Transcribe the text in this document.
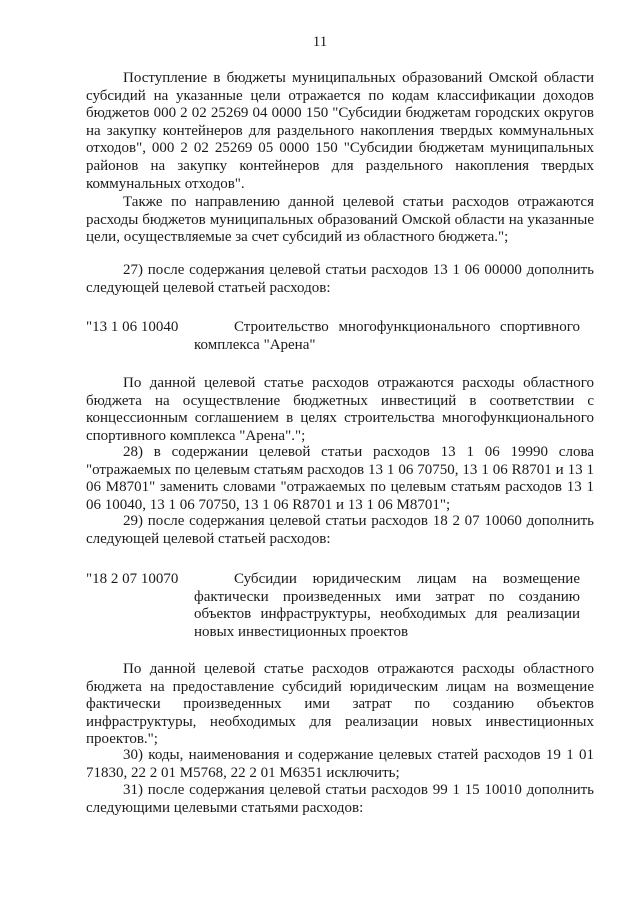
11

Поступление в бюджеты муниципальных образований Омской области субсидий на указанные цели отражается по кодам классификации доходов бюджетов 000 2 02 25269 04 0000 150 "Субсидии бюджетам городских округов на закупку контейнеров для раздельного накопления твердых коммунальных отходов", 000 2 02 25269 05 0000 150 "Субсидии бюджетам муниципальных районов на закупку контейнеров для раздельного накопления твердых коммунальных отходов".

Также по направлению данной целевой статьи расходов отражаются расходы бюджетов муниципальных образований Омской области на указанные цели, осуществляемые за счет субсидий из областного бюджета.";

27) после содержания целевой статьи расходов 13 1 06 00000 дополнить следующей целевой статьей расходов:

"13 1 06 10040	Строительство многофункционального спортивного комплекса "Арена"

По данной целевой статье расходов отражаются расходы областного бюджета на осуществление бюджетных инвестиций в соответствии с концессионным соглашением в целях строительства многофункционального спортивного комплекса "Арена".";

28) в содержании целевой статьи расходов 13 1 06 19990 слова "отражаемых по целевым статьям расходов 13 1 06 70750, 13 1 06 R8701 и 13 1 06 M8701" заменить словами "отражаемых по целевым статьям расходов 13 1 06 10040, 13 1 06 70750, 13 1 06 R8701 и 13 1 06 M8701";

29) после содержания целевой статьи расходов 18 2 07 10060 дополнить следующей целевой статьей расходов:

"18 2 07 10070	Субсидии юридическим лицам на возмещение фактически произведенных ими затрат по созданию объектов инфраструктуры, необходимых для реализации новых инвестиционных проектов

По данной целевой статье расходов отражаются расходы областного бюджета на предоставление субсидий юридическим лицам на возмещение фактически произведенных ими затрат по созданию объектов инфраструктуры, необходимых для реализации новых инвестиционных проектов.";

30) коды, наименования и содержание целевых статей расходов 19 1 01 71830, 22 2 01 M5768, 22 2 01 M6351 исключить;

31) после содержания целевой статьи расходов 99 1 15 10010 дополнить следующими целевыми статьями расходов:
